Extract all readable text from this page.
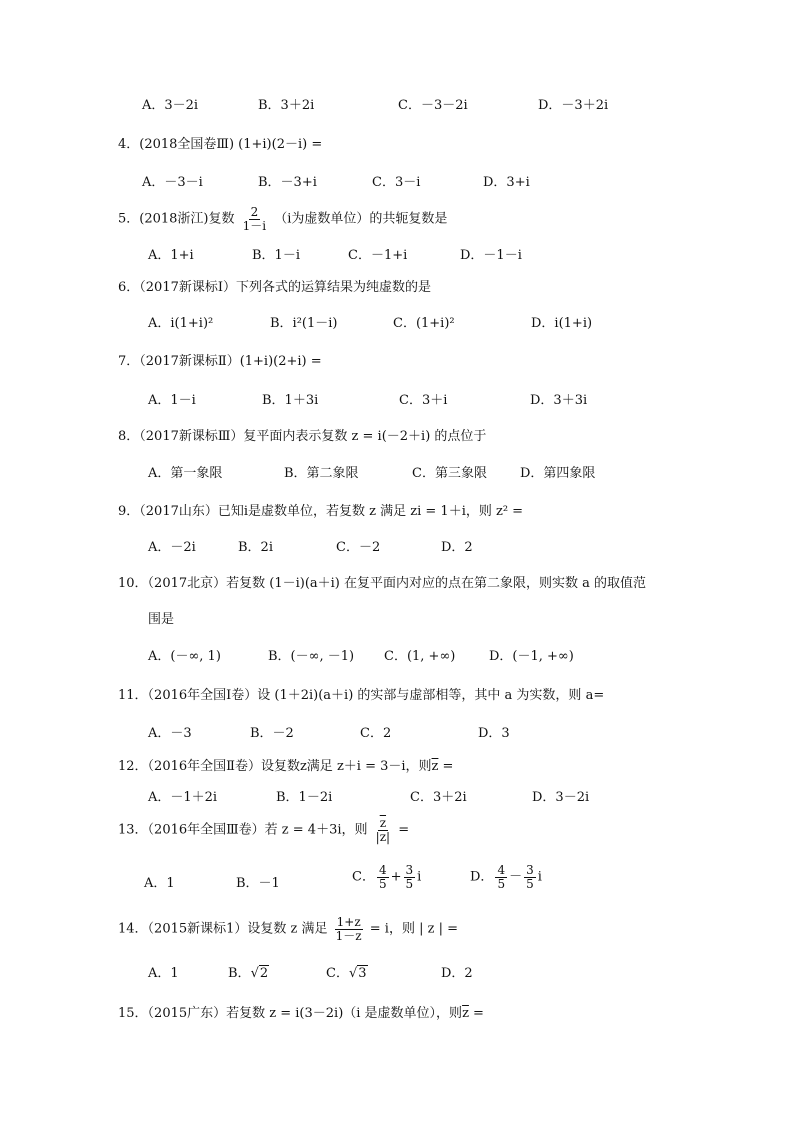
A．3－2i	B．3＋2i	C．－3－2i	D．－3＋2i
4．(2018全国卷Ⅲ) (1+i)(2－i) =
A．－3－i	B．－3+i	C．3－i	D．3+i
5．(2018浙江)复数 $\frac{2}{1-i} (i$为虚数单位）的共轭复数是
A．1+i	B．1－i	C．－1+i	D．－1－i
6．（2017新课标Ⅰ）下列各式的运算结果为纯虚数的是
A．i(1+i)²	B．i²(1－i)	C．(1+i)²	D．i(1+i)
7．（2017新课标Ⅱ）(1+i)(2+i) =
A．1－i	B．1＋3i	C．3＋i	D．3＋3i
8．（2017新课标Ⅲ）复平面内表示复数 z = i(－2＋i) 的点位于
A．第一象限	B．第二象限	C．第三象限	D．第四象限
9．（2017山东）已知i是虚数单位，若复数 z 满足 zi = 1＋i，则 z² =
A．－2i	B．2i	C．－2	D．2
10．（2017北京）若复数 (1－i)(a＋i) 在复平面内对应的点在第二象限，则实数 a 的取值范
围是
A．(－∞, 1)	B．(－∞, －1) C．(1, +∞)	D．(－1, +∞)
11．（2016年全国Ⅰ卷）设 (1＋2i)(a＋i) 的实部与虚部相等，其中 a 为实数，则 a=
A．－3	B．－2	C．2	D．3
12．（2016年全国Ⅱ卷）设复数z满足 z＋i = 3－i，则$\overline{z}$ =
A．－1＋2i	B．1－2i	C．3＋2i	D．3－2i
13．（2016年全国Ⅲ卷）若 z = 4＋3i，则 $\frac{\overline{z}}{|z|}$ =
A．1	B．－1	C． $\frac{4}{5} + \frac{3}{5}$ i	D． $\frac{4}{5} - \frac{3}{5}$ i
14．（2015新课标1）设复数 z 满足 $\frac{1+z}{1-z} = i$，则 | z | =
A．1	B．√2	C．√3	D．2
15．（2015广东）若复数 z = i(3－2i)（i 是虚数单位），则$\overline{z}$ =
